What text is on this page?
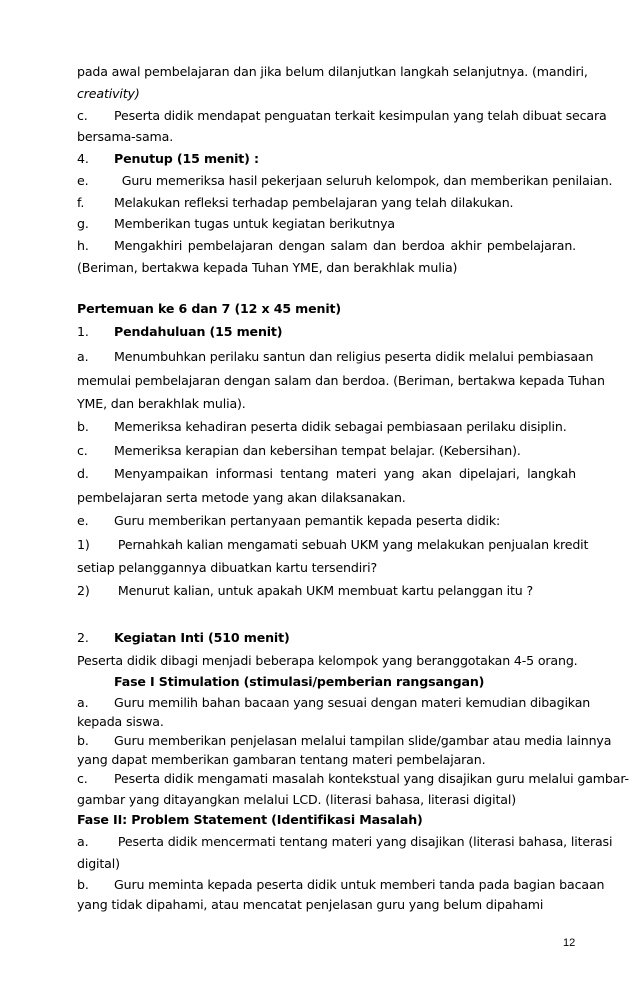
pada awal pembelajaran dan jika belum dilanjutkan langkah selanjutnya. (mandiri,
creativity)
c. Peserta didik mendapat penguatan terkait kesimpulan yang telah dibuat secara
bersama-sama.
4. Penutup (15 menit) :
e.	Guru memeriksa hasil pekerjaan seluruh kelompok, dan memberikan penilaian.
f. Melakukan refleksi terhadap pembelajaran yang telah dilakukan.
g. Memberikan tugas untuk kegiatan berikutnya
h. Mengakhiri pembelajaran dengan salam dan berdoa akhir pembelajaran.
(Beriman, bertakwa kepada Tuhan YME, dan berakhlak mulia)
Pertemuan ke 6 dan 7 (12 x 45 menit)
1. Pendahuluan (15 menit)
a. Menumbuhkan perilaku santun dan religius peserta didik melalui pembiasaan
memulai pembelajaran dengan salam dan berdoa. (Beriman, bertakwa kepada Tuhan
YME, dan berakhlak mulia).
b. Memeriksa kehadiran peserta didik sebagai pembiasaan perilaku disiplin.
c. Memeriksa kerapian dan kebersihan tempat belajar. (Kebersihan).
d. Menyampaikan informasi tentang materi yang akan dipelajari, langkah
pembelajaran serta metode yang akan dilaksanakan.
e. Guru memberikan pertanyaan pemantik kepada peserta didik:
1) Pernahkah kalian mengamati sebuah UKM yang melakukan penjualan kredit
setiap pelanggannya dibuatkan kartu tersendiri?
2) Menurut kalian, untuk apakah UKM membuat kartu pelanggan itu ?
2. Kegiatan Inti (510 menit)
Peserta didik dibagi menjadi beberapa kelompok yang beranggotakan 4-5 orang.
Fase I Stimulation (stimulasi/pemberian rangsangan)
a. Guru memilih bahan bacaan yang sesuai dengan materi kemudian dibagikan
kepada siswa.
b. Guru memberikan penjelasan melalui tampilan slide/gambar atau media lainnya
yang dapat memberikan gambaran tentang materi pembelajaran.
c. Peserta didik mengamati masalah kontekstual yang disajikan guru melalui gambar-
gambar yang ditayangkan melalui LCD. (literasi bahasa, literasi digital)
Fase II: Problem Statement (Identifikasi Masalah)
a. Peserta didik mencermati tentang materi yang disajikan (literasi bahasa, literasi
digital)
b. Guru meminta kepada peserta didik untuk memberi tanda pada bagian bacaan
yang tidak dipahami, atau mencatat penjelasan guru yang belum dipahami
12
